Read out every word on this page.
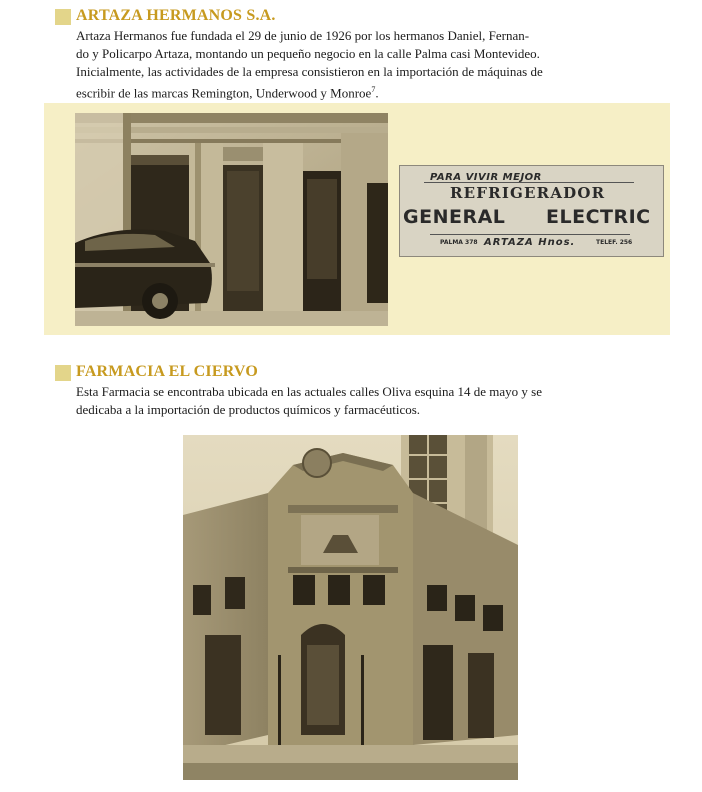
ARTAZA HERMANOS S.A.
Artaza Hermanos fue fundada el 29 de junio de 1926 por los hermanos Daniel, Fernan-
do y Policarpo Artaza, montando un pequeño negocio en la calle Palma casi Montevideo.
Inicialmente, las actividades de la empresa consistieron en la importación de máquinas de
escribir de las marcas Remington, Underwood y Monroe$^7$.
PARA VIVIR MEJOR
REFRIGERADOR
GENERAL ELECTRIC
PALMA 378 ARTAZA Hnos.	TELEF. 256
FARMACIA EL CIERVO
Esta Farmacia se encontraba ubicada en las actuales calles Oliva esquina 14 de mayo y se
dedicaba a la importación de productos químicos y farmacéuticos.
